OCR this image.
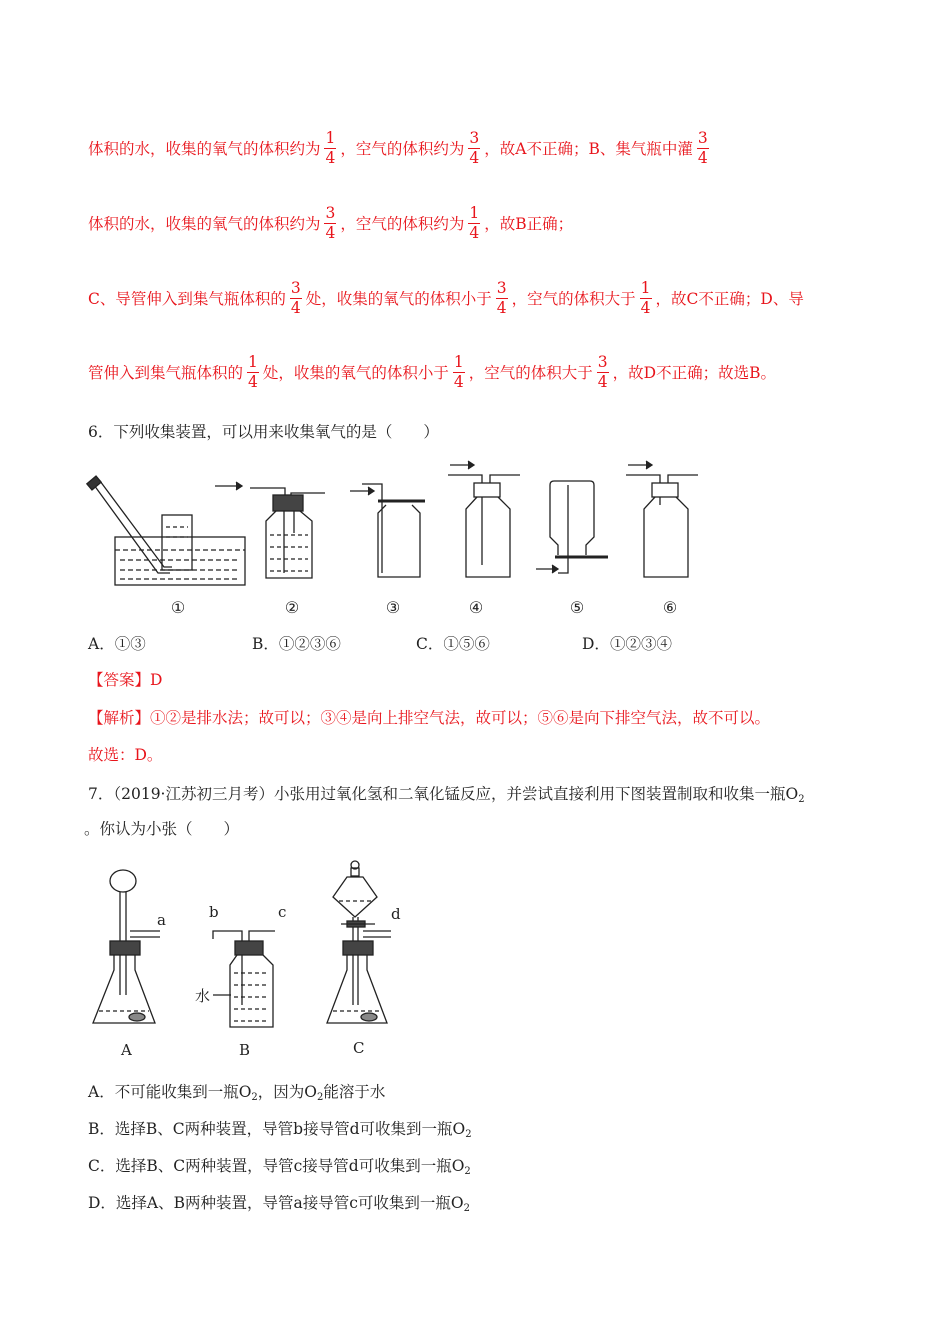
体积的水，收集的氧气的体积约为 $\frac{1}{4}$ ，空气的体积约为 $\frac{3}{4}$ ，故A不正确；B、集气瓶中灌 $\frac{3}{4}$
体积的水，收集的氧气的体积约为 $\frac{3}{4}$ ，空气的体积约为 $\frac{1}{4}$ ，故B正确；
C、导管伸入到集气瓶体积的 $\frac{3}{4}$ 处，收集的氧气的体积小于 $\frac{3}{4}$ ，空气的体积大于 $\frac{1}{4}$ ，故C不正确；D、导
管伸入到集气瓶体积的 $\frac{1}{4}$ 处，收集的氧气的体积小于 $\frac{1}{4}$ ，空气的体积大于 $\frac{3}{4}$ ，故D不正确；故选B。
6．下列收集装置，可以用来收集氧气的是（　　）
①	②	③	④	⑤	⑥
A．①③	B．①②③⑥	C．①⑤⑥	D．①②③④
【答案】D
【解析】①②是排水法；故可以；③④是向上排空气法，故可以；⑤⑥是向下排空气法，故不可以。
故选：D。
7．（2019·江苏初三月考）小张用过氧化氢和二氧化锰反应，并尝试直接利用下图装置制取和收集一瓶$O_2$
。你认为小张（　　）
a	b	c	d
水
A	B	C
A．不可能收集到一瓶$O_2$，因为$O_2$能溶于水
B．选择B、C两种装置，导管b接导管d可收集到一瓶$O_2$
C．选择B、C两种装置，导管c接导管d可收集到一瓶$O_2$
D．选择A、B两种装置，导管a接导管c可收集到一瓶$O_2$
